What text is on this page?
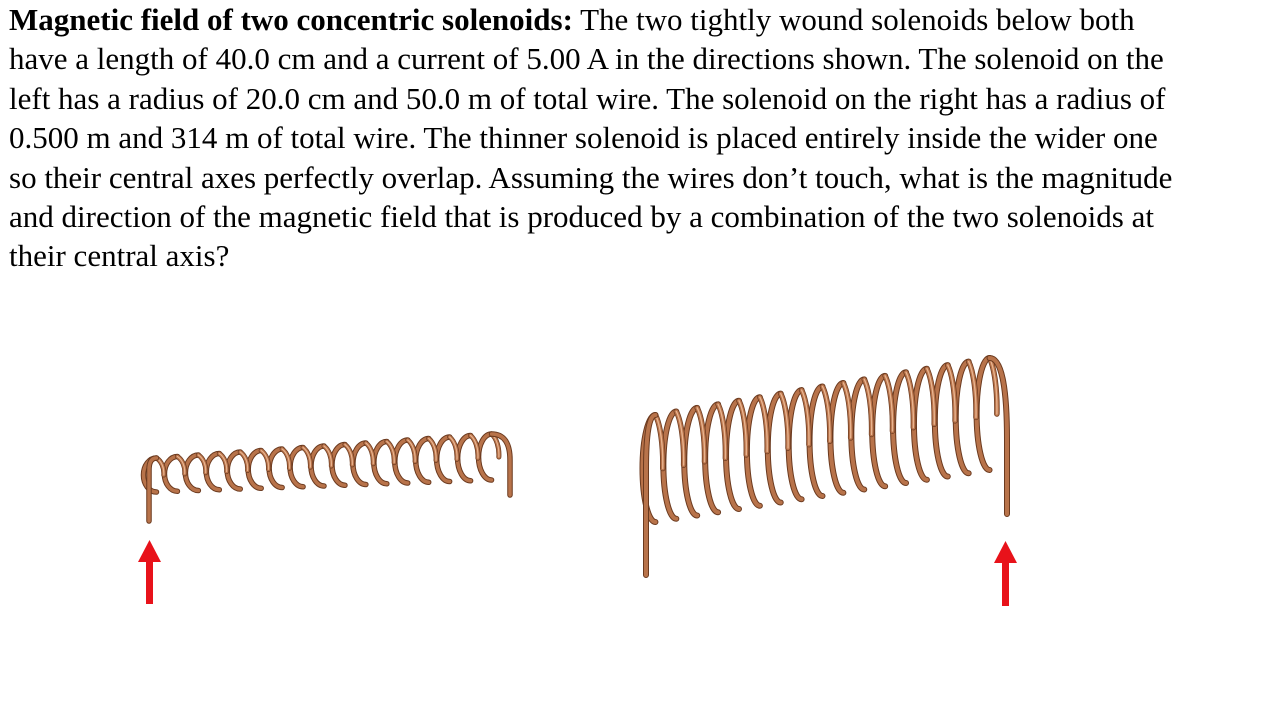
Magnetic field of two concentric solenoids: The two tightly wound solenoids below both have a length of 40.0 cm and a current of 5.00 A in the directions shown. The solenoid on the left has a radius of 20.0 cm and 50.0 m of total wire. The solenoid on the right has a radius of 0.500 m and 314 m of total wire. The thinner solenoid is placed entirely inside the wider one so their central axes perfectly overlap. Assuming the wires don’t touch, what is the magnitude and direction of the magnetic field that is produced by a combination of the two solenoids at their central axis?
